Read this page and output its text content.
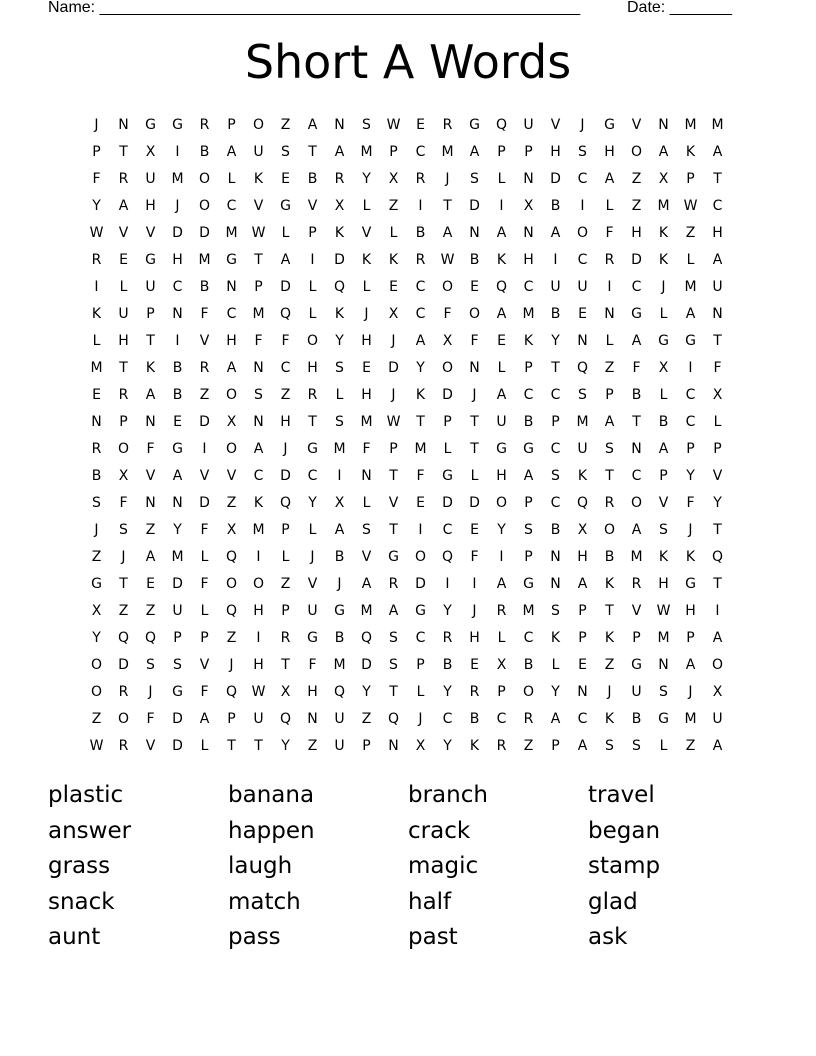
Name: ______________________________________________________	Date: _______
Short A Words
J	N	G	G	R	P	O	Z	A	N	S	W	E	R	G	Q	U	V	J	G	V	N	M	M
P	T	X	I	B	A	U	S	T	A	M	P	C	M	A	P	P	H	S	H	O	A	K	A
F	R	U	M	O	L	K	E	B	R	Y	X	R	J	S	L	N	D	C	A	Z	X	P	T
Y	A	H	J	O	C	V	G	V	X	L	Z	I	T	D	I	X	B	I	L	Z	M	W	C
W	V	V	D	D	M	W	L	P	K	V	L	B	A	N	A	N	A	O	F	H	K	Z	H
R	E	G	H	M	G	T	A	I	D	K	K	R	W	B	K	H	I	C	R	D	K	L	A
I	L	U	C	B	N	P	D	L	Q	L	E	C	O	E	Q	C	U	U	I	C	J	M	U
K	U	P	N	F	C	M	Q	L	K	J	X	C	F	O	A	M	B	E	N	G	L	A	N
L	H	T	I	V	H	F	F	O	Y	H	J	A	X	F	E	K	Y	N	L	A	G	G	T
M	T	K	B	R	A	N	C	H	S	E	D	Y	O	N	L	P	T	Q	Z	F	X	I	F
E	R	A	B	Z	O	S	Z	R	L	H	J	K	D	J	A	C	C	S	P	B	L	C	X
N	P	N	E	D	X	N	H	T	S	M	W	T	P	T	U	B	P	M	A	T	B	C	L
R	O	F	G	I	O	A	J	G	M	F	P	M	L	T	G	G	C	U	S	N	A	P	P
B	X	V	A	V	V	C	D	C	I	N	T	F	G	L	H	A	S	K	T	C	P	Y	V
S	F	N	N	D	Z	K	Q	Y	X	L	V	E	D	D	O	P	C	Q	R	O	V	F	Y
J	S	Z	Y	F	X	M	P	L	A	S	T	I	C	E	Y	S	B	X	O	A	S	J	T
Z	J	A	M	L	Q	I	L	J	B	V	G	O	Q	F	I	P	N	H	B	M	K	K	Q
G	T	E	D	F	O	O	Z	V	J	A	R	D	I	I	A	G	N	A	K	R	H	G	T
X	Z	Z	U	L	Q	H	P	U	G	M	A	G	Y	J	R	M	S	P	T	V	W	H	I
Y	Q	Q	P	P	Z	I	R	G	B	Q	S	C	R	H	L	C	K	P	K	P	M	P	A
O	D	S	S	V	J	H	T	F	M	D	S	P	B	E	X	B	L	E	Z	G	N	A	O
O	R	J	G	F	Q	W	X	H	Q	Y	T	L	Y	R	P	O	Y	N	J	U	S	J	X
Z	O	F	D	A	P	U	Q	N	U	Z	Q	J	C	B	C	R	A	C	K	B	G	M	U
W	R	V	D	L	T	T	Y	Z	U	P	N	X	Y	K	R	Z	P	A	S	S	L	Z	A
plastic	banana	branch	travel
answer	happen	crack	began
grass	laugh	magic	stamp
snack	match	half	glad
aunt	pass	past	ask
